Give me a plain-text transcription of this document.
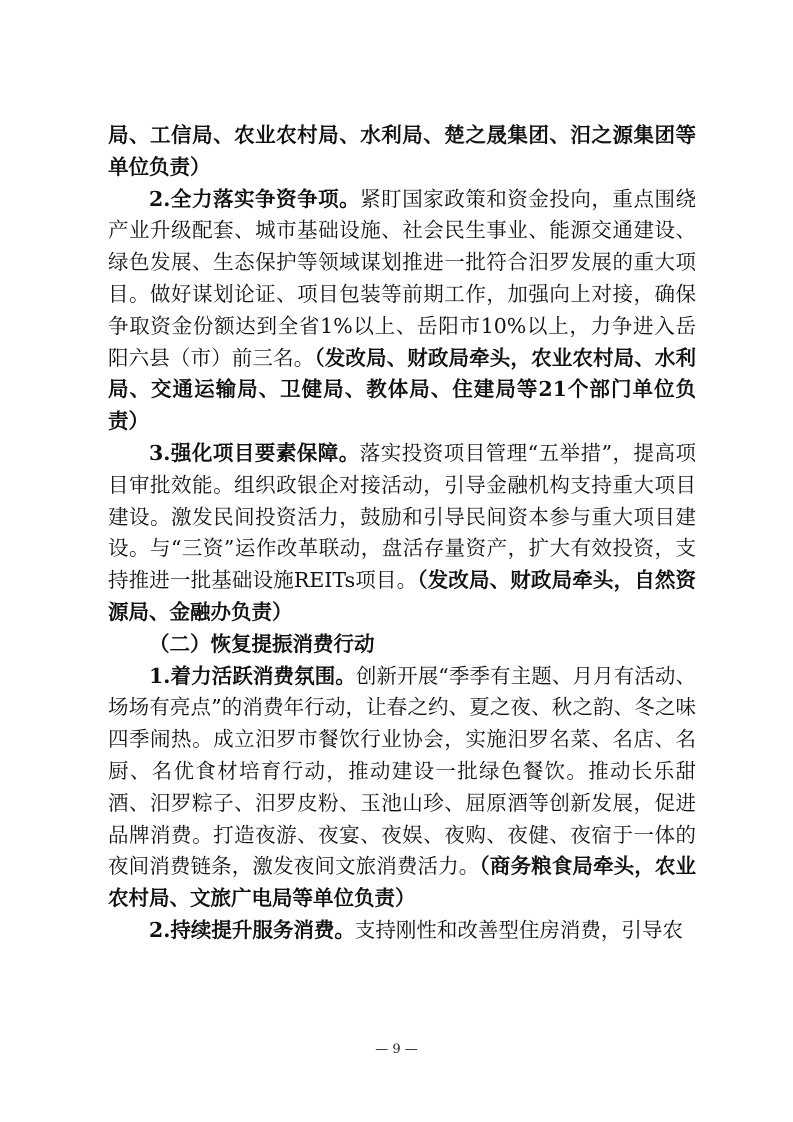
局、工信局、农业农村局、水利局、楚之晟集团、汨之源集团等单位负责）

2.全力落实争资争项。紧盯国家政策和资金投向，重点围绕产业升级配套、城市基础设施、社会民生事业、能源交通建设、绿色发展、生态保护等领域谋划推进一批符合汨罗发展的重大项目。做好谋划论证、项目包装等前期工作，加强向上对接，确保争取资金份额达到全省1%以上、岳阳市10%以上，力争进入岳阳六县（市）前三名。（发改局、财政局牵头，农业农村局、水利局、交通运输局、卫健局、教体局、住建局等21个部门单位负责）

3.强化项目要素保障。落实投资项目管理“五举措”，提高项目审批效能。组织政银企对接活动，引导金融机构支持重大项目建设。激发民间投资活力，鼓励和引导民间资本参与重大项目建设。与“三资”运作改革联动，盘活存量资产，扩大有效投资，支持推进一批基础设施REITs项目。（发改局、财政局牵头，自然资源局、金融办负责）

（二）恢复提振消费行动

1.着力活跃消费氛围。创新开展“季季有主题、月月有活动、场场有亮点”的消费年行动，让春之约、夏之夜、秋之韵、冬之味四季闹热。成立汨罗市餐饮行业协会，实施汨罗名菜、名店、名厨、名优食材培育行动，推动建设一批绿色餐饮。推动长乐甜酒、汨罗粽子、汨罗皮粉、玉池山珍、屈原酒等创新发展，促进品牌消费。打造夜游、夜宴、夜娱、夜购、夜健、夜宿于一体的夜间消费链条，激发夜间文旅消费活力。（商务粮食局牵头，农业农村局、文旅广电局等单位负责）

2.持续提升服务消费。支持刚性和改善型住房消费，引导农

— 9 —
